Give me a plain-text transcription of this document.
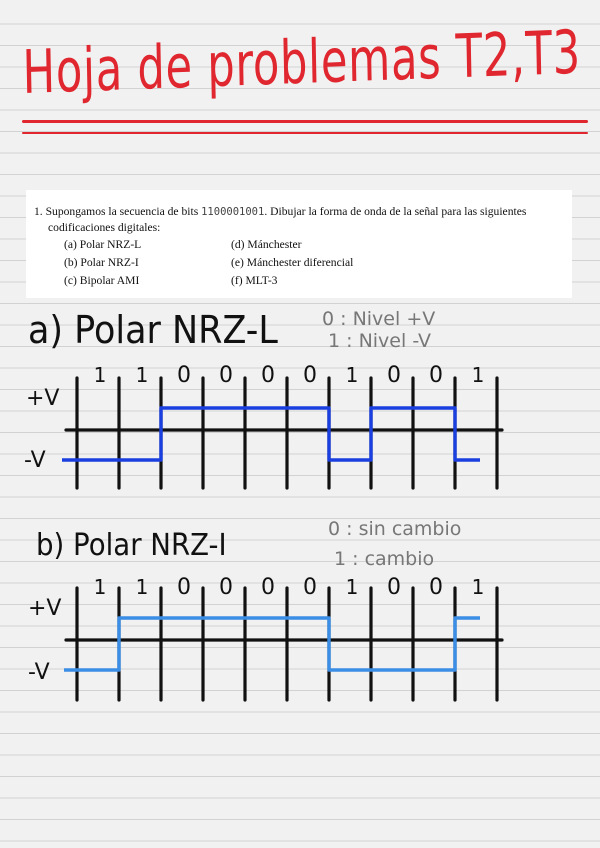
Hoja de problemas T2,T3
1. Supongamos la secuencia de bits 1100001001. Dibujar la forma de onda de la señal para las siguientes
codificaciones digitales:
(a) Polar NRZ-L
(b) Polar NRZ-I
(c) Bipolar AMI
(d) Mánchester
(e) Mánchester diferencial
(f) MLT-3
a) Polar NRZ-L 0 : Nivel +V
1 : Nivel -V
+V
-V
1 1 0 0 0 0 1 0 0 1
b) Polar NRZ-I	0 : sin cambio
1 : cambio
+V
-V
1 1 0 0 0 0 1 0 0 1
